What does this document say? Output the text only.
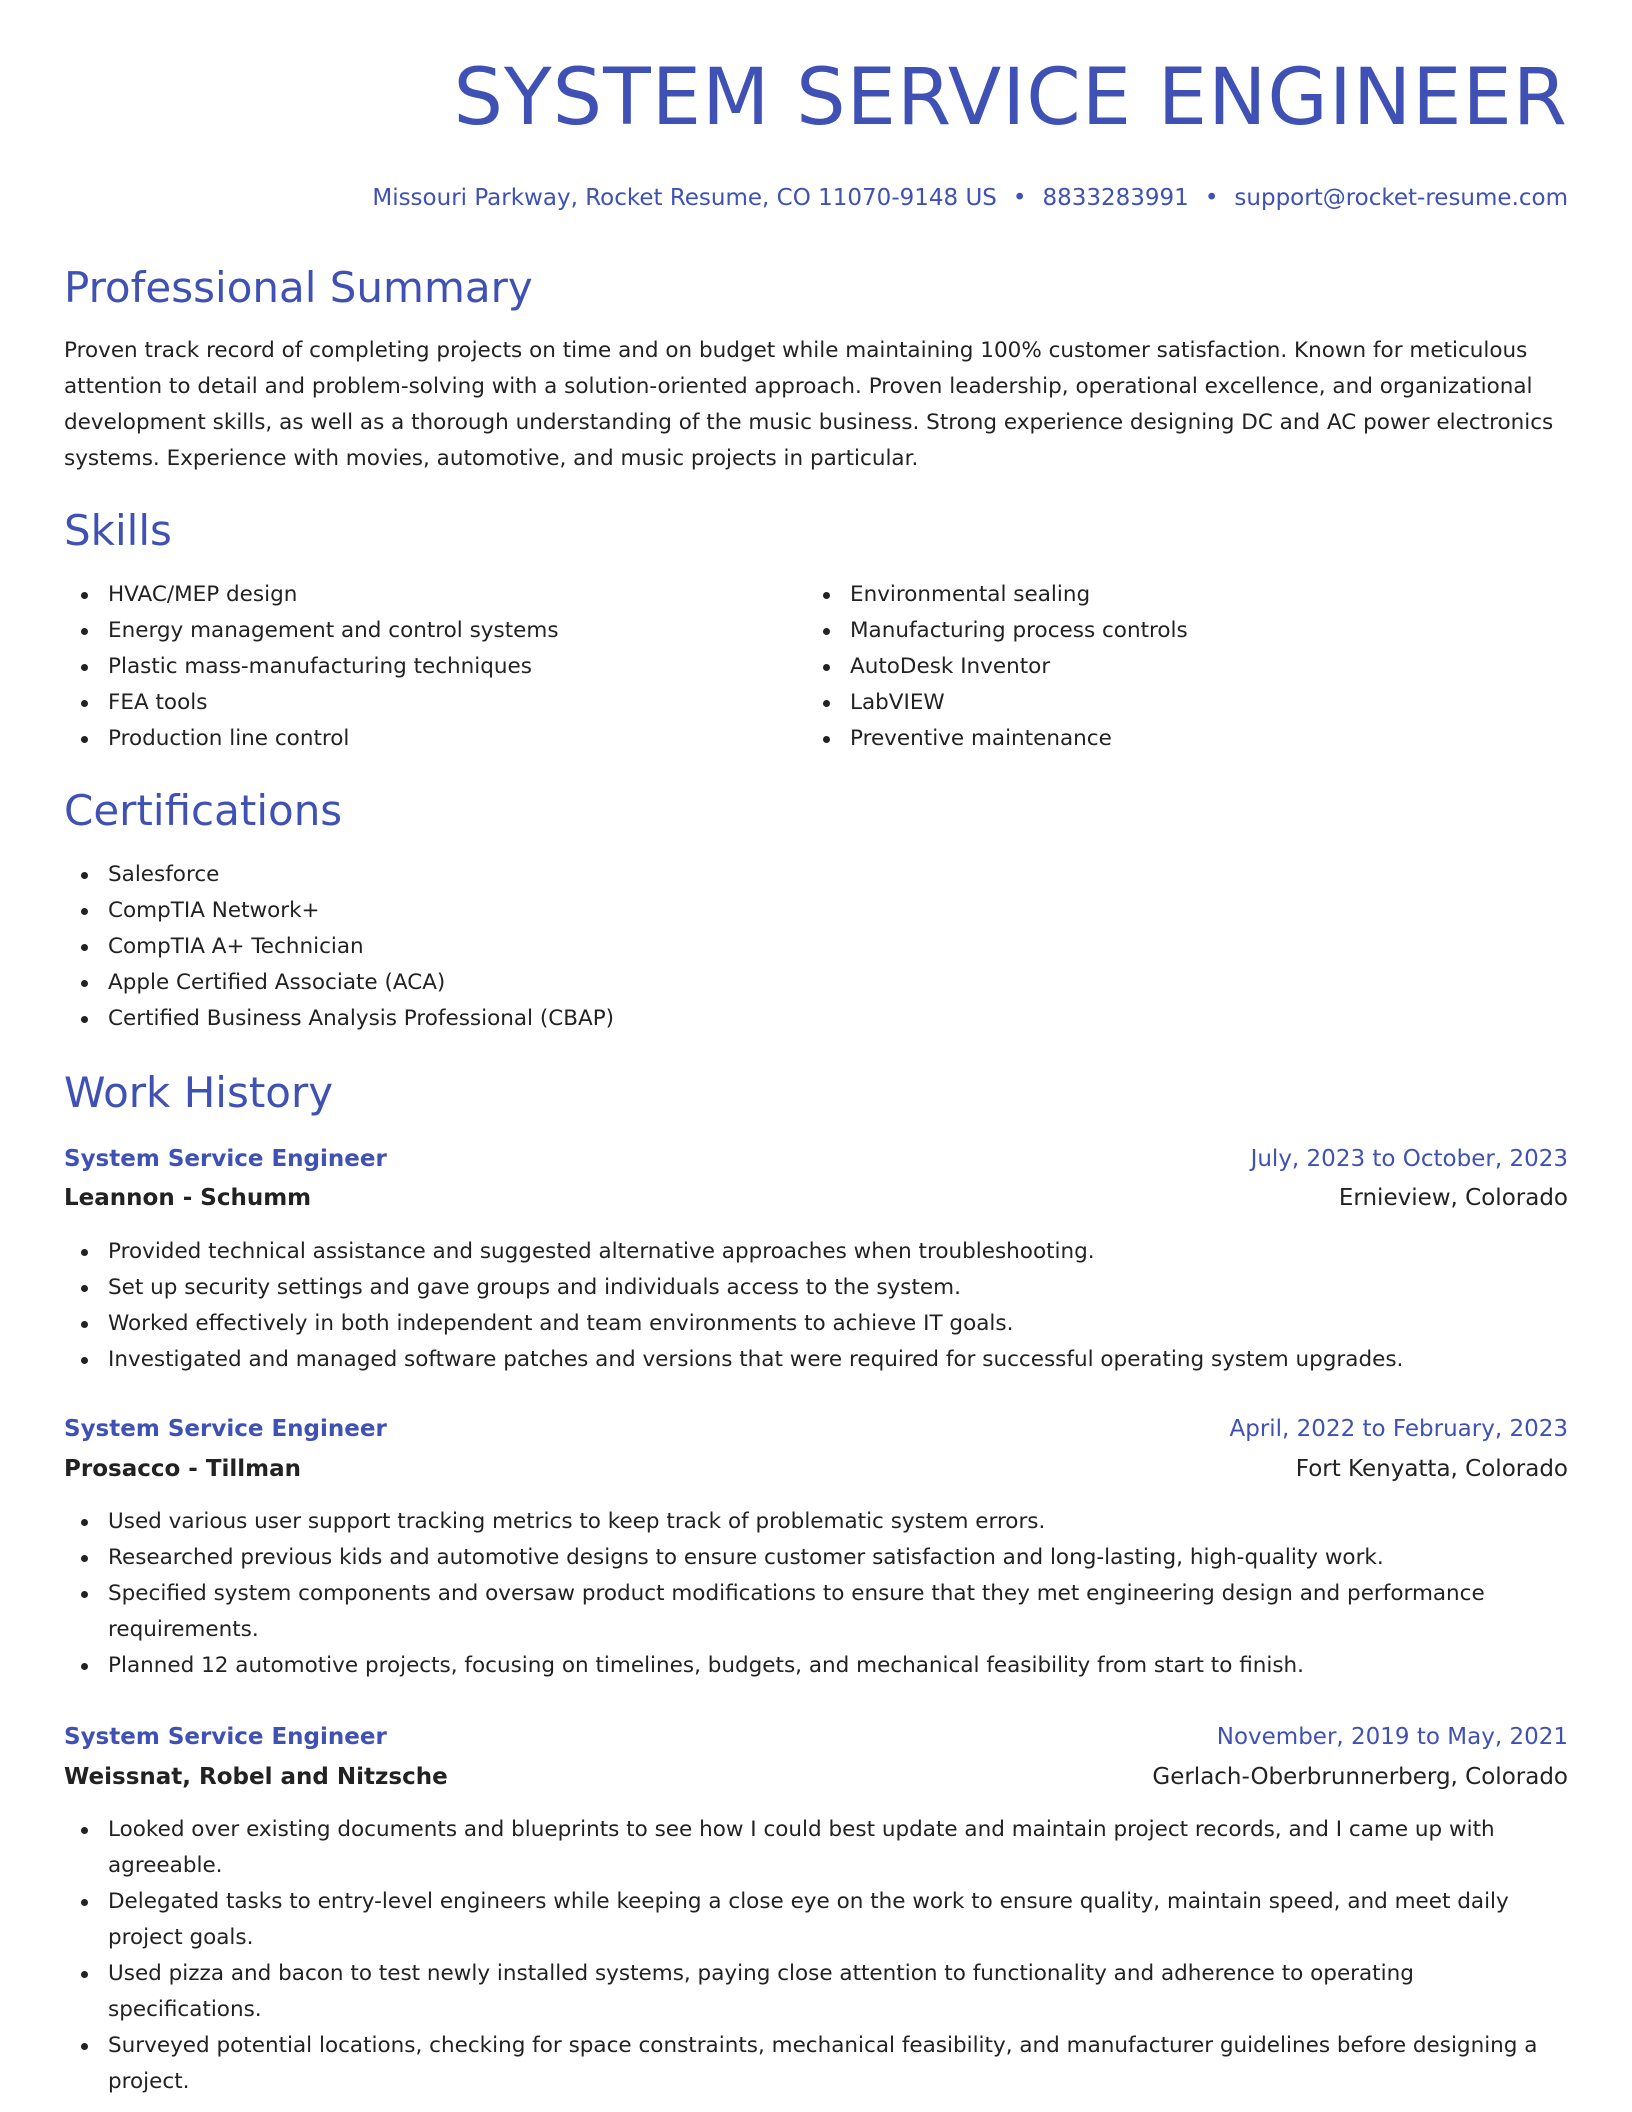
SYSTEM SERVICE ENGINEER
Missouri Parkway, Rocket Resume, CO 11070-9148 US • 8833283991 • support@rocket-resume.com
Professional Summary

Proven track record of completing projects on time and on budget while maintaining 100% customer satisfaction. Known for meticulous attention to detail and problem-solving with a solution-oriented approach. Proven leadership, operational excellence, and organizational development skills, as well as a thorough understanding of the music business. Strong experience designing DC and AC power electronics systems. Experience with movies, automotive, and music projects in particular.

Skills
HVAC/MEP design
Energy management and control systems
Plastic mass-manufacturing techniques
FEA tools
Production line control
Environmental sealing
Manufacturing process controls
AutoDesk Inventor
LabVIEW
Preventive maintenance
Certifications
Salesforce
CompTIA Network+
CompTIA A+ Technician
Apple Certified Associate (ACA)
Certified Business Analysis Professional (CBAP)
Work History
System Service Engineer	July, 2023 to October, 2023
Leannon - Schumm	Ernieview, Colorado
Provided technical assistance and suggested alternative approaches when troubleshooting.
Set up security settings and gave groups and individuals access to the system.
Worked effectively in both independent and team environments to achieve IT goals.
Investigated and managed software patches and versions that were required for successful operating system upgrades.
System Service Engineer	April, 2022 to February, 2023
Prosacco - Tillman	Fort Kenyatta, Colorado
Used various user support tracking metrics to keep track of problematic system errors.
Researched previous kids and automotive designs to ensure customer satisfaction and long-lasting, high-quality work.
Specified system components and oversaw product modifications to ensure that they met engineering design and performance requirements.
Planned 12 automotive projects, focusing on timelines, budgets, and mechanical feasibility from start to finish.
System Service Engineer	November, 2019 to May, 2021
Weissnat, Robel and Nitzsche	Gerlach-Oberbrunnerberg, Colorado
Looked over existing documents and blueprints to see how I could best update and maintain project records, and I came up with agreeable.
Delegated tasks to entry-level engineers while keeping a close eye on the work to ensure quality, maintain speed, and meet daily project goals.
Used pizza and bacon to test newly installed systems, paying close attention to functionality and adherence to operating specifications.
Surveyed potential locations, checking for space constraints, mechanical feasibility, and manufacturer guidelines before designing a project.
